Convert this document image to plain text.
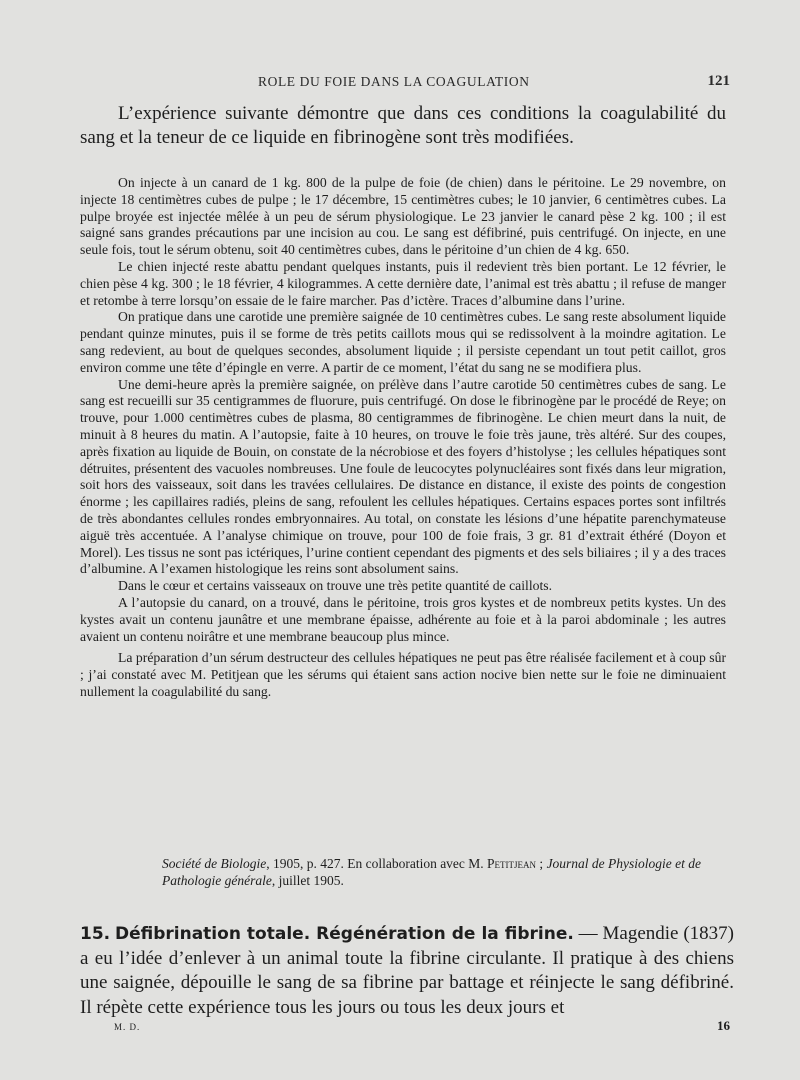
ROLE DU FOIE DANS LA COAGULATION	121

L’expérience suivante démontre que dans ces conditions la coagulabilité du sang et la teneur de ce liquide en fibrinogène sont très modifiées.

On injecte à un canard de 1 kg. 800 de la pulpe de foie (de chien) dans le péritoine. Le 29 novembre, on injecte 18 centimètres cubes de pulpe ; le 17 décembre, 15 centimètres cubes; le 10 janvier, 6 centimètres cubes. La pulpe broyée est injectée mêlée à un peu de sérum physiologique. Le 23 janvier le canard pèse 2 kg. 100 ; il est saigné sans grandes précautions par une incision au cou. Le sang est défibriné, puis centrifugé. On injecte, en une seule fois, tout le sérum obtenu, soit 40 centimètres cubes, dans le péritoine d’un chien de 4 kg. 650.

Le chien injecté reste abattu pendant quelques instants, puis il redevient très bien portant. Le 12 février, le chien pèse 4 kg. 300 ; le 18 février, 4 kilogrammes. A cette dernière date, l’animal est très abattu ; il refuse de manger et retombe à terre lorsqu’on essaie de le faire marcher. Pas d’ictère. Traces d’albumine dans l’urine.

On pratique dans une carotide une première saignée de 10 centimètres cubes. Le sang reste absolument liquide pendant quinze minutes, puis il se forme de très petits caillots mous qui se redissolvent à la moindre agitation. Le sang redevient, au bout de quelques secondes, absolument liquide ; il persiste cependant un tout petit caillot, gros environ comme une tête d’épingle en verre. A partir de ce moment, l’état du sang ne se modifiera plus.

Une demi-heure après la première saignée, on prélève dans l’autre carotide 50 centimètres cubes de sang. Le sang est recueilli sur 35 centigrammes de fluorure, puis centrifugé. On dose le fibrinogène par le procédé de Reye; on trouve, pour 1.000 centimètres cubes de plasma, 80 centigrammes de fibrinogène. Le chien meurt dans la nuit, de minuit à 8 heures du matin. A l’autopsie, faite à 10 heures, on trouve le foie très jaune, très altéré. Sur des coupes, après fixation au liquide de Bouin, on constate de la nécrobiose et des foyers d’histolyse ; les cellules hépatiques sont détruites, présentent des vacuoles nombreuses. Une foule de leucocytes polynucléaires sont fixés dans leur migration, soit hors des vaisseaux, soit dans les travées cellulaires. De distance en distance, il existe des points de congestion énorme ; les capillaires radiés, pleins de sang, refoulent les cellules hépatiques. Certains espaces portes sont infiltrés de très abondantes cellules rondes embryonnaires. Au total, on constate les lésions d’une hépatite parenchymateuse aiguë très accentuée. A l’analyse chimique on trouve, pour 100 de foie frais, 3 gr. 81 d’extrait éthéré (Doyon et Morel). Les tissus ne sont pas ictériques, l’urine contient cependant des pigments et des sels biliaires ; il y a des traces d’albumine. A l’examen histologique les reins sont absolument sains.

Dans le cœur et certains vaisseaux on trouve une très petite quantité de caillots.

A l’autopsie du canard, on a trouvé, dans le péritoine, trois gros kystes et de nombreux petits kystes. Un des kystes avait un contenu jaunâtre et une membrane épaisse, adhérente au foie et à la paroi abdominale ; les autres avaient un contenu noirâtre et une membrane beaucoup plus mince.

La préparation d’un sérum destructeur des cellules hépatiques ne peut pas être réalisée facilement et à coup sûr ; j’ai constaté avec M. Petitjean que les sérums qui étaient sans action nocive bien nette sur le foie ne diminuaient nullement la coagulabilité du sang.

Société de Biologie, 1905, p. 427. En collaboration avec M. Petitjean ; Journal de Physiologie et de Pathologie générale, juillet 1905.

15. Défibrination totale. Régénération de la fibrine. — Magendie (1837) a eu l’idée d’enlever à un animal toute la fibrine circulante. Il pratique à des chiens une saignée, dépouille le sang de sa fibrine par battage et réinjecte le sang défibriné. Il répète cette expérience tous les jours ou tous les deux jours et

M. D.	16
